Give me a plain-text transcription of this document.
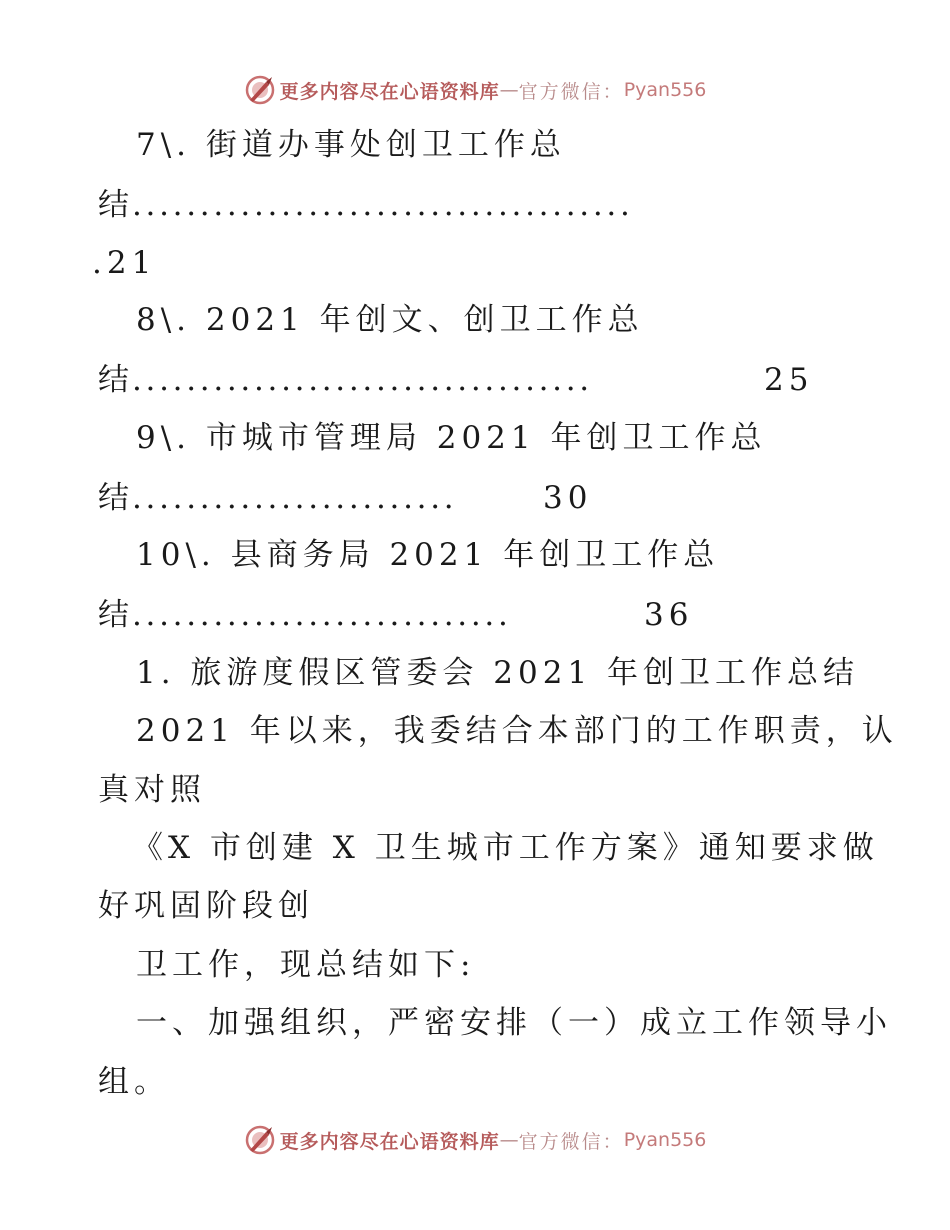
更多内容尽在心语资料库 — 官方微信： Pyan556
7\. 街道办事处创卫工作总
结
.....................................
.21
8\. 2021 年创文、创卫工作总
结
..................................	25
9\. 市城市管理局 2021 年创卫工作总
结
........................	30
10\. 县商务局 2021 年创卫工作总
结
............................	36
1. 旅游度假区管委会 2021 年创卫工作总结
2021 年以来，我委结合本部门的工作职责，认
真对照
《X 市创建 X 卫生城市工作方案》通知要求做
好巩固阶段创
卫工作，现总结如下:
一、加强组织，严密安排（一）成立工作领导小
组。
更多内容尽在心语资料库 — 官方微信： Pyan556
